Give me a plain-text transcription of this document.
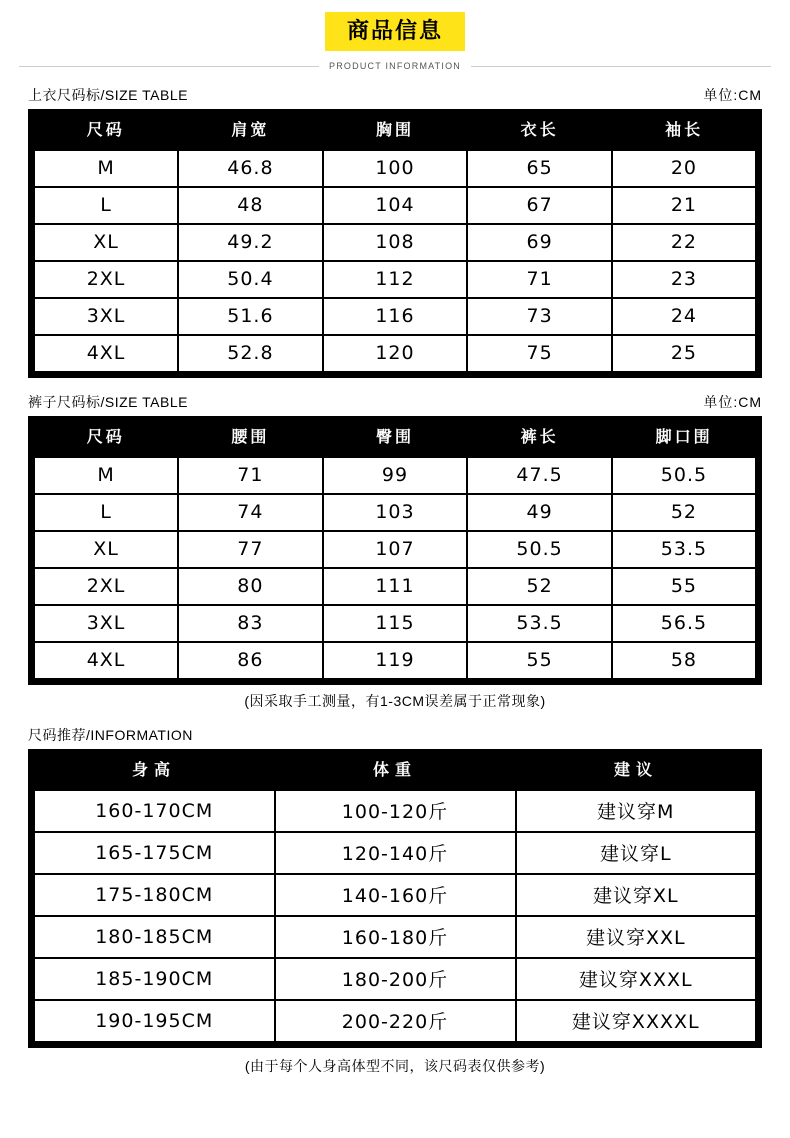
商品信息
PRODUCT INFORMATION
上衣尺码标/SIZE TABLE	单位:CM
尺码	肩宽	胸围	衣长	袖长
M	46.8	100	65	20
L	48	104	67	21
XL	49.2	108	69	22
2XL	50.4	112	71	23
3XL	51.6	116	73	24
4XL	52.8	120	75	25
裤子尺码标/SIZE TABLE	单位:CM
尺码	腰围	臀围	裤长	脚口围
M	71	99	47.5	50.5
L	74	103	49	52
XL	77	107	50.5	53.5
2XL	80	111	52	55
3XL	83	115	53.5	56.5
4XL	86	119	55	58
(因采取手工测量，有1-3CM误差属于正常现象)
尺码推荐/INFORMATION
身高	体重	建议
160-170CM	100-120斤	建议穿M
165-175CM	120-140斤	建议穿L
175-180CM	140-160斤	建议穿XL
180-185CM	160-180斤	建议穿XXL
185-190CM	180-200斤	建议穿XXXL
190-195CM	200-220斤	建议穿XXXXL
(由于每个人身高体型不同，该尺码表仅供参考)
